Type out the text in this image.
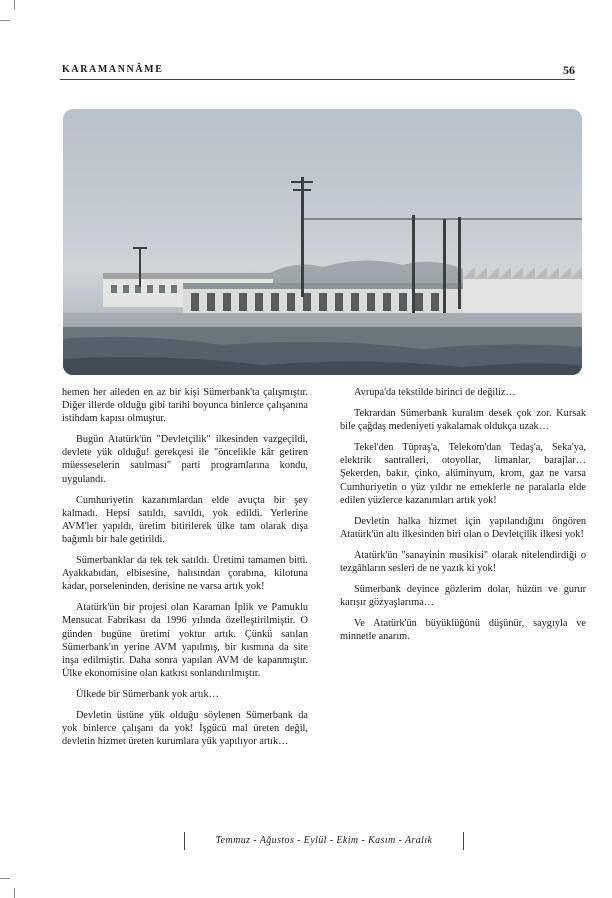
KARAMANNÂME	56

hemen her aileden en az bir kişi Sümerbank'ta çalışmıştır. Diğer illerde olduğu gibi tarihi boyunca binlerce çalışanına istihdam kapısı olmuştur.

Bugün Atatürk'ün "Devletçilik" ilkesinden vazgeçildi, devlete yük olduğu! gerekçesi ile "öncelikle kâr getiren müesseselerin satılması" parti programlarına kondu, uygulandı.

Cumhuriyetin kazanımlardan elde avuçta bir şey kalmadı. Hepsi satıldı, savıldı, yok edildi. Yerlerine AVM'ler yapıldı, üretim bitirilerek ülke tam olarak dışa bağımlı bir hale getirildi.

Sümerbanklar da tek tek satıldı. Üretimi tamamen bitti. Ayakkabıdan, elbisesine, halısından çorabına, kilotuna kadar, porseleninden, derisine ne varsa artık yok!

Atatürk'ün bir projesi olan Karaman İplik ve Pamuklu Mensucat Fabrikası da 1996 yılında özelleştirilmiştir. O günden bugüne üretimi yoktur artık. Çünkü satılan Sümerbank'ın yerine AVM yapılmış, bir kısmına da site inşa edilmiştir. Daha sonra yapılan AVM de kapanmıştır. Ülke ekonomisine olan katkısı sonlandırılmıştır.

Ülkede bir Sümerbank yok artık…

Devletin üstüne yük olduğu söylenen Sümerbank da yok binlerce çalışanı da yok! İşgücü mal üreten değil, devletin hizmet üreten kurumlara yük yapılıyor artık…

Avrupa'da tekstilde birinci de değiliz…

Tekrardan Sümerbank kuralım desek çok zor. Kursak bile çağdaş medeniyeti yakalamak oldukça uzak…

Tekel'den Tüpraş'a, Telekom'dan Tedaş'a, Seka'ya, elektrik santralleri, otoyollar, limanlar, barajlar… Şekerden, bakır, çinko, alüminyum, krom, gaz ne varsa Cumhuriyetin o yüz yıldır ne emeklerle ne paralarla elde edilen yüzlerce kazanımları artık yok!

Devletin halka hizmet için yapılandığını öngören Atatürk'ün altı ilkesinden biri olan o Devletçilik ilkesi yok!

Atatürk'ün "sanayinin musikisi" olarak nitelendirdiği o tezgâhların sesleri de ne yazık ki yok!

Sümerbank deyince gözlerim dolar, hüzün ve gurur karışır gözyaşlarıma…

Ve Atatürk'ün büyüklüğünü düşünür, saygıyla ve minnetle anarım.

Temmuz - Ağustos - Eylül - Ekim - Kasım - Aralık
